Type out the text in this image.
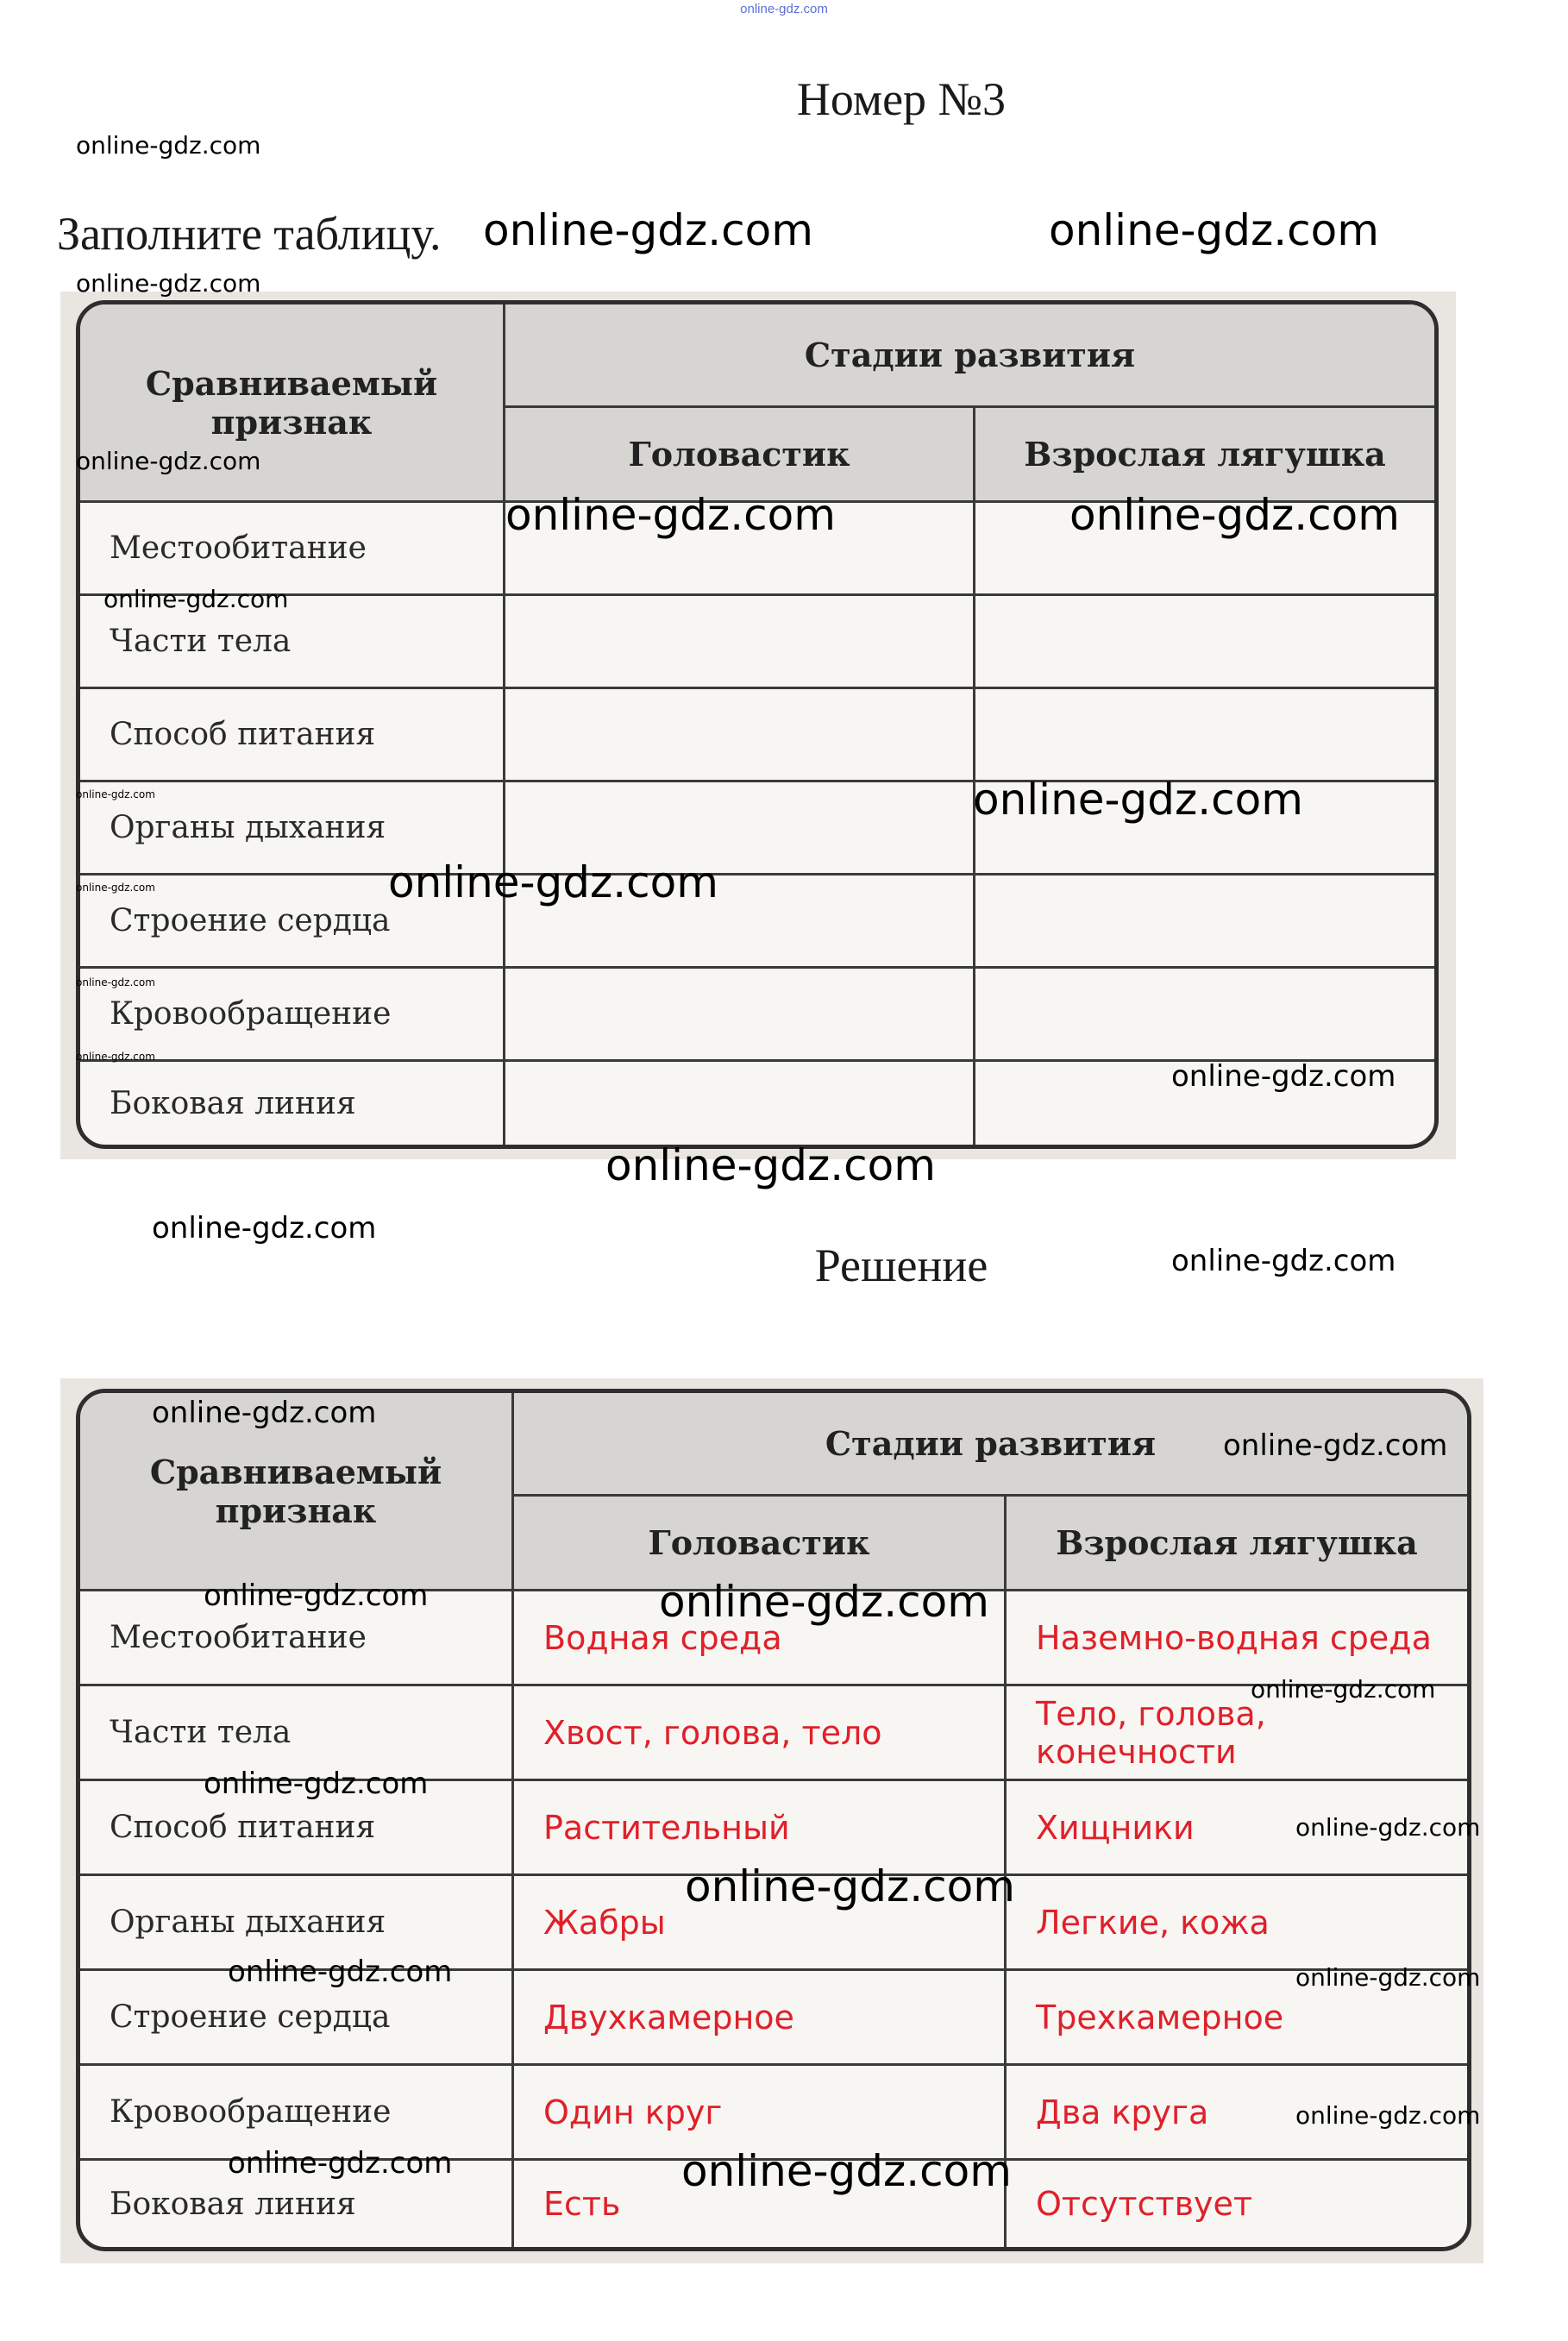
online-gdz.com
Номер №3
Заполните таблицу.
Сравниваемый признак	Стадии развития	
	Головастик	Взрослая лягушка
Местообитание		
Части тела		
Способ питания		
Органы дыхания		
Строение сердца		
Кровообращение		
Боковая линия		
Решение
Сравниваемый признак	Стадии развития	
	Головастик	Взрослая лягушка
Местообитание	Водная среда	Наземно-водная среда
Части тела	Хвост, голова, тело	Тело, голова, конечности
Способ питания	Растительный	Хищники
Органы дыхания	Жабры	Легкие, кожа
Строение сердца	Двухкамерное	Трехкамерное
Кровообращение	Один круг	Два круга
Боковая линия	Есть	Отсутствует
online-gdz.com
online-gdz.com	online-gdz.com
online-gdz.com
online-gdz.com
online-gdz.com	online-gdz.com
online-gdz.com
online-gdz.com	online-gdz.com
online-gdz.com	online-gdz.com
online-gdz.com
online-gdz.com
online-gdz.com
online-gdz.com
online-gdz.com
online-gdz.com
online-gdz.com
online-gdz.com
online-gdz.com	online-gdz.com
online-gdz.com
online-gdz.com
online-gdz.com
online-gdz.com
online-gdz.com	online-gdz.com
online-gdz.com
online-gdz.com	online-gdz.com
